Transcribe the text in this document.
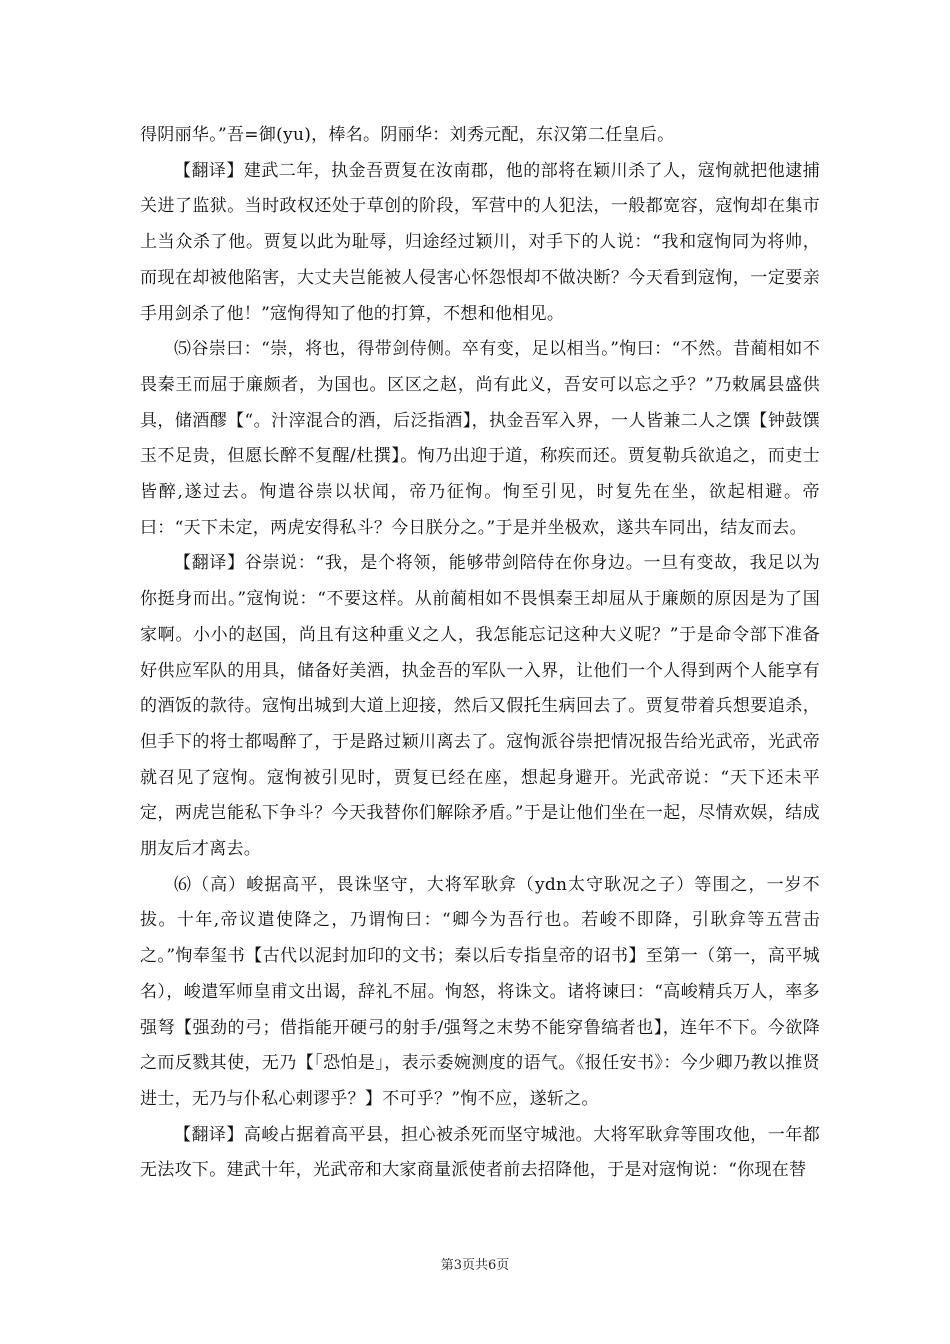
得阴丽华。”吾=御(yu)，棒名。阴丽华：刘秀元配，东汉第二任皇后。

【翻译】建武二年，执金吾贾复在汝南郡，他的部将在颖川杀了人，寇恂就把他逮捕关进了监狱。当时政权还处于草创的阶段，军营中的人犯法，一般都宽容，寇恂却在集市上当众杀了他。贾复以此为耻辱，归途经过颖川，对手下的人说：“我和寇恂同为将帅，而现在却被他陷害，大丈夫岂能被人侵害心怀怨恨却不做决断？今天看到寇恂，一定要亲手用剑杀了他！”寇恂得知了他的打算，不想和他相见。

⑸谷崇曰：“崇，将也，得带剑侍侧。卒有变，足以相当。”恂曰：“不然。昔蔺相如不畏秦王而屈于廉颇者，为国也。区区之赵，尚有此义，吾安可以忘之乎？”乃敕属县盛供具，储酒醪【“。汁滓混合的酒，后泛指酒】，执金吾军入界，一人皆兼二人之馔【钟鼓馔玉不足贵，但愿长醉不复醒/杜撰】。恂乃出迎于道，称疾而还。贾复勒兵欲追之，而吏士皆醉,遂过去。恂遣谷崇以状闻，帝乃征恂。恂至引见，时复先在坐，欲起相避。帝曰：“天下未定，两虎安得私斗？今日朕分之。”于是并坐极欢，遂共车同出，结友而去。

【翻译】谷崇说：“我，是个将领，能够带剑陪侍在你身边。一旦有变故，我足以为你挺身而出。”寇恂说：“不要这样。从前蔺相如不畏惧秦王却屈从于廉颇的原因是为了国家啊。小小的赵国，尚且有这种重义之人，我怎能忘记这种大义呢？”于是命令部下准备好供应军队的用具，储备好美酒，执金吾的军队一入界，让他们一个人得到两个人能享有的酒饭的款待。寇恂出城到大道上迎接，然后又假托生病回去了。贾复带着兵想要追杀，但手下的将士都喝醉了，于是路过颖川离去了。寇恂派谷崇把情况报告给光武帝，光武帝就召见了寇恂。寇恂被引见时，贾复已经在座，想起身避开。光武帝说：“天下还未平定，两虎岂能私下争斗？今天我替你们解除矛盾。”于是让他们坐在一起，尽情欢娱，结成朋友后才离去。

⑹（高）峻据高平，畏诛坚守，大将军耿弇（ydn太守耿况之子）等围之，一岁不拔。十年,帝议遣使降之，乃谓恂曰：“卿今为吾行也。若峻不即降，引耿弇等五营击之。”恂奉玺书【古代以泥封加印的文书；秦以后专指皇帝的诏书】至第一（第一，高平城名），峻遣军师皇甫文出谒，辞礼不屈。恂怒，将诛文。诸将谏曰：“高峻精兵万人，率多强弩【强劲的弓；借指能开硬弓的射手/强弩之末势不能穿鲁缟者也】，连年不下。今欲降之而反戮其使，无乃【「恐怕是」，表示委婉测度的语气。《报任安书》：今少卿乃教以推贤进士，无乃与仆私心剌谬乎？】不可乎？”恂不应，遂斩之。

【翻译】高峻占据着高平县，担心被杀死而坚守城池。大将军耿弇等围攻他，一年都无法攻下。建武十年，光武帝和大家商量派使者前去招降他，于是对寇恂说：“你现在替

第3页共6页
